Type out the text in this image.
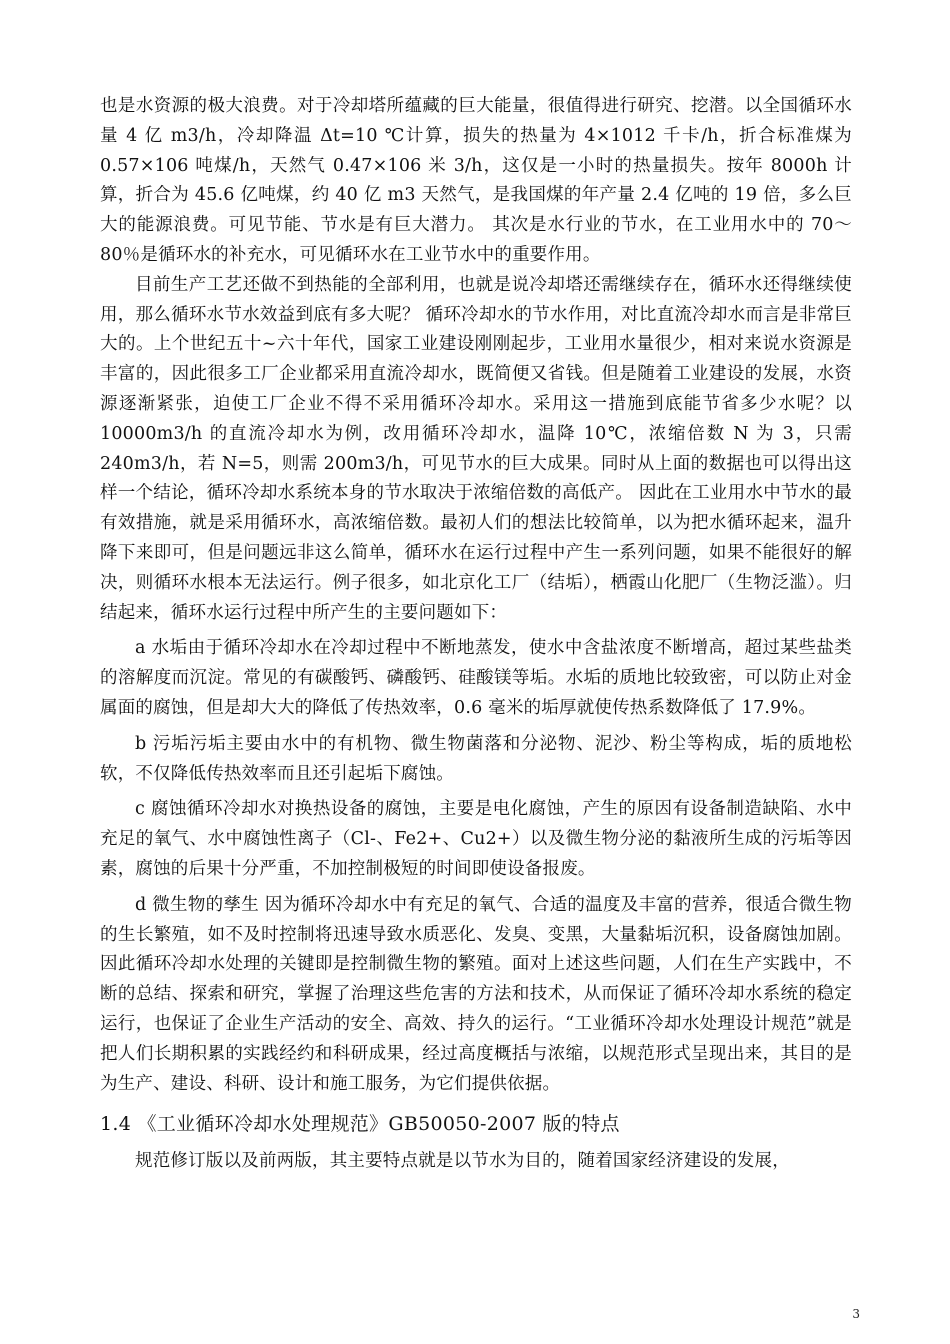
也是水资源的极大浪费。对于冷却塔所蕴藏的巨大能量，很值得进行研究、挖潜。以全国循环水量 4 亿 m3/h，冷却降温 Δt=10 ℃计算，损失的热量为 4×1012 千卡/h，折合标准煤为 0.57×106 吨煤/h，天然气 0.47×106 米 3/h，这仅是一小时的热量损失。按年 8000h 计算，折合为 45.6 亿吨煤，约 40 亿 m3 天然气，是我国煤的年产量 2.4 亿吨的 19 倍，多么巨大的能源浪费。可见节能、节水是有巨大潜力。 其次是水行业的节水，在工业用水中的 70～80％是循环水的补充水，可见循环水在工业节水中的重要作用。

目前生产工艺还做不到热能的全部利用，也就是说冷却塔还需继续存在，循环水还得继续使用，那么循环水节水效益到底有多大呢？ 循环冷却水的节水作用，对比直流冷却水而言是非常巨大的。上个世纪五十~六十年代，国家工业建设刚刚起步，工业用水量很少，相对来说水资源是丰富的，因此很多工厂企业都采用直流冷却水，既简便又省钱。但是随着工业建设的发展，水资源逐渐紧张，迫使工厂企业不得不采用循环冷却水。采用这一措施到底能节省多少水呢？以 10000m3/h 的直流冷却水为例，改用循环冷却水，温降 10℃，浓缩倍数 N 为 3，只需 240m3/h，若 N=5，则需 200m3/h，可见节水的巨大成果。同时从上面的数据也可以得出这样一个结论，循环冷却水系统本身的节水取决于浓缩倍数的高低产。 因此在工业用水中节水的最有效措施，就是采用循环水，高浓缩倍数。最初人们的想法比较简单，以为把水循环起来，温升降下来即可，但是问题远非这么简单，循环水在运行过程中产生一系列问题，如果不能很好的解决，则循环水根本无法运行。例子很多，如北京化工厂（结垢），栖霞山化肥厂（生物泛滥）。归结起来，循环水运行过程中所产生的主要问题如下：

a 水垢由于循环冷却水在冷却过程中不断地蒸发，使水中含盐浓度不断增高，超过某些盐类的溶解度而沉淀。常见的有碳酸钙、磷酸钙、硅酸镁等垢。水垢的质地比较致密，可以防止对金属面的腐蚀，但是却大大的降低了传热效率，0.6 毫米的垢厚就使传热系数降低了 17.9%。

b 污垢污垢主要由水中的有机物、微生物菌落和分泌物、泥沙、粉尘等构成，垢的质地松软，不仅降低传热效率而且还引起垢下腐蚀。

c 腐蚀循环冷却水对换热设备的腐蚀，主要是电化腐蚀，产生的原因有设备制造缺陷、水中充足的氧气、水中腐蚀性离子（Cl-、Fe2+、Cu2+）以及微生物分泌的黏液所生成的污垢等因素，腐蚀的后果十分严重，不加控制极短的时间即使设备报废。

d 微生物的孳生 因为循环冷却水中有充足的氧气、合适的温度及丰富的营养，很适合微生物的生长繁殖，如不及时控制将迅速导致水质恶化、发臭、变黑，大量黏垢沉积，设备腐蚀加剧。因此循环冷却水处理的关键即是控制微生物的繁殖。面对上述这些问题，人们在生产实践中，不断的总结、探索和研究，掌握了治理这些危害的方法和技术，从而保证了循环冷却水系统的稳定运行，也保证了企业生产活动的安全、高效、持久的运行。“工业循环冷却水处理设计规范”就是把人们长期积累的实践经约和科研成果，经过高度概括与浓缩，以规范形式呈现出来，其目的是为生产、建设、科研、设计和施工服务，为它们提供依据。

1.4 《工业循环冷却水处理规范》GB50050-2007 版的特点

规范修订版以及前两版，其主要特点就是以节水为目的，随着国家经济建设的发展，

3
